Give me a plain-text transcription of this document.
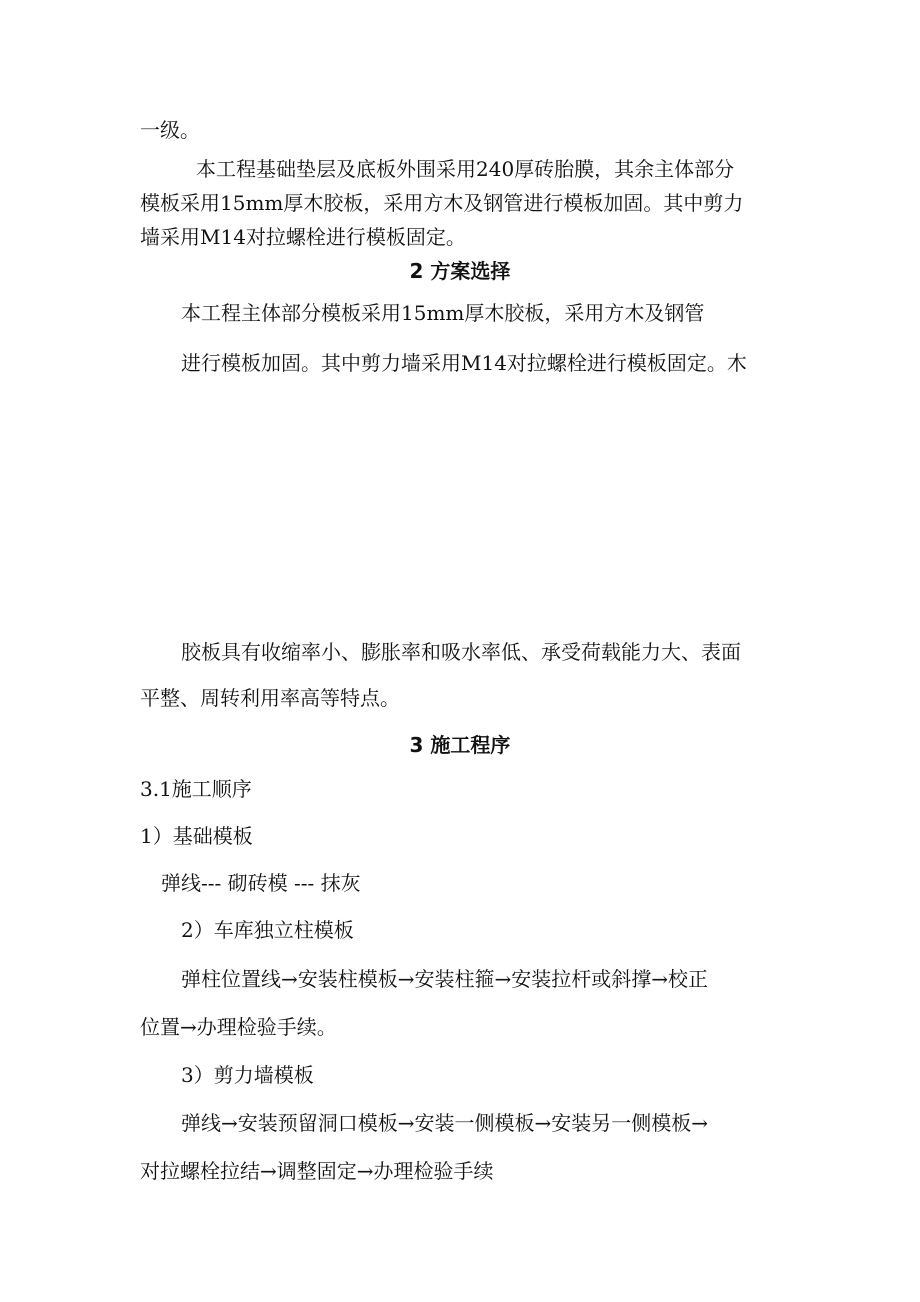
一级。

本工程基础垫层及底板外围采用240厚砖胎膜，其余主体部分

模板采用15mm厚木胶板，采用方木及钢管进行模板加固。其中剪力

墙采用M14对拉螺栓进行模板固定。

2 方案选择

本工程主体部分模板采用15mm厚木胶板，采用方木及钢管

进行模板加固。其中剪力墙采用M14对拉螺栓进行模板固定。木

胶板具有收缩率小、膨胀率和吸水率低、承受荷载能力大、表面

平整、周转利用率高等特点。

3 施工程序

3.1施工顺序

1）基础模板

弹线--- 砌砖模 --- 抹灰

2）车库独立柱模板

弹柱位置线→安装柱模板→安装柱箍→安装拉杆或斜撑→校正

位置→办理检验手续。

3）剪力墙模板

弹线→安装预留洞口模板→安装一侧模板→安装另一侧模板→

对拉螺栓拉结→调整固定→办理检验手续
